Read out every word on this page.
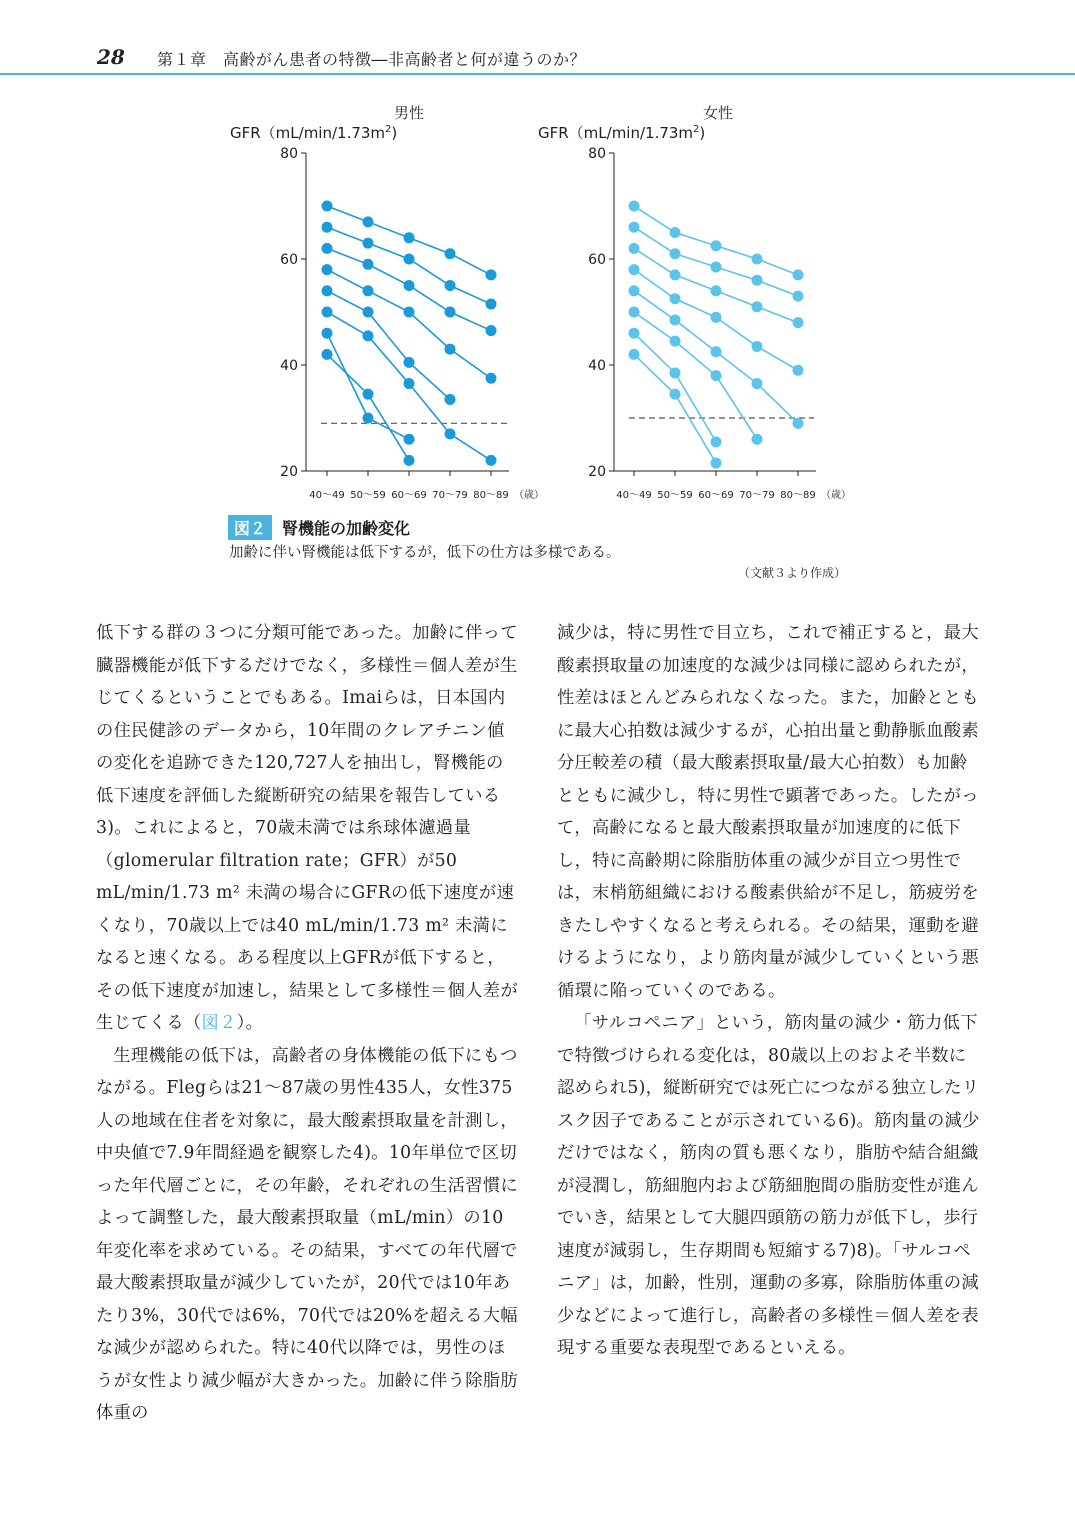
28 第１章　高齢がん患者の特徴―非高齢者と何が違うのか？
男性
$GFR(mL/\min/1.73m^2)$
20
40
60
80
40～49 50～59 60～69 70～79 80～89 （歳）
女性
$GFR(mL/\min/1.73m^2)$
20
40
60
80
40～49 50～59 60～69 70～79 80～89 （歳）
図２ 腎機能の加齢変化
加齢に伴い腎機能は低下するが，低下の仕方は多様である。
（文献３より作成）

低下する群の３つに分類可能であった。加齢に伴って臓器機能が低下するだけでなく，多様性＝個人差が生じてくるということでもある。Imaiらは，日本国内の住民健診のデータから，10年間のクレアチニン値の変化を追跡できた120,727人を抽出し，腎機能の低下速度を評価した縦断研究の結果を報告している3)。これによると，70歳未満では糸球体濾過量（glomerular filtration rate；GFR）が50 mL/min/1.73 m² 未満の場合にGFRの低下速度が速くなり，70歳以上では40 mL/min/1.73 m² 未満になると速くなる。ある程度以上GFRが低下すると，その低下速度が加速し，結果として多様性＝個人差が生じてくる（図２）。

生理機能の低下は，高齢者の身体機能の低下にもつながる。Flegらは21～87歳の男性435人，女性375人の地域在住者を対象に，最大酸素摂取量を計測し，中央値で7.9年間経過を観察した4)。10年単位で区切った年代層ごとに，その年齢，それぞれの生活習慣によって調整した，最大酸素摂取量（mL/min）の10年変化率を求めている。その結果，すべての年代層で最大酸素摂取量が減少していたが，20代では10年あたり3%，30代では6%，70代では20%を超える大幅な減少が認められた。特に40代以降では，男性のほうが女性より減少幅が大きかった。加齢に伴う除脂肪体重の

減少は，特に男性で目立ち，これで補正すると，最大酸素摂取量の加速度的な減少は同様に認められたが，性差はほとんどみられなくなった。また，加齢とともに最大心拍数は減少するが，心拍出量と動静脈血酸素分圧較差の積（最大酸素摂取量/最大心拍数）も加齢とともに減少し，特に男性で顕著であった。したがって，高齢になると最大酸素摂取量が加速度的に低下し，特に高齢期に除脂肪体重の減少が目立つ男性では，末梢筋組織における酸素供給が不足し，筋疲労をきたしやすくなると考えられる。その結果，運動を避けるようになり，より筋肉量が減少していくという悪循環に陥っていくのである。

「サルコペニア」という，筋肉量の減少・筋力低下で特徴づけられる変化は，80歳以上のおよそ半数に認められ5)，縦断研究では死亡につながる独立したリスク因子であることが示されている6)。筋肉量の減少だけではなく，筋肉の質も悪くなり，脂肪や結合組織が浸潤し，筋細胞内および筋細胞間の脂肪変性が進んでいき，結果として大腿四頭筋の筋力が低下し，歩行速度が減弱し，生存期間も短縮する7)8)。「サルコペニア」は，加齢，性別，運動の多寡，除脂肪体重の減少などによって進行し，高齢者の多様性＝個人差を表現する重要な表現型であるといえる。
